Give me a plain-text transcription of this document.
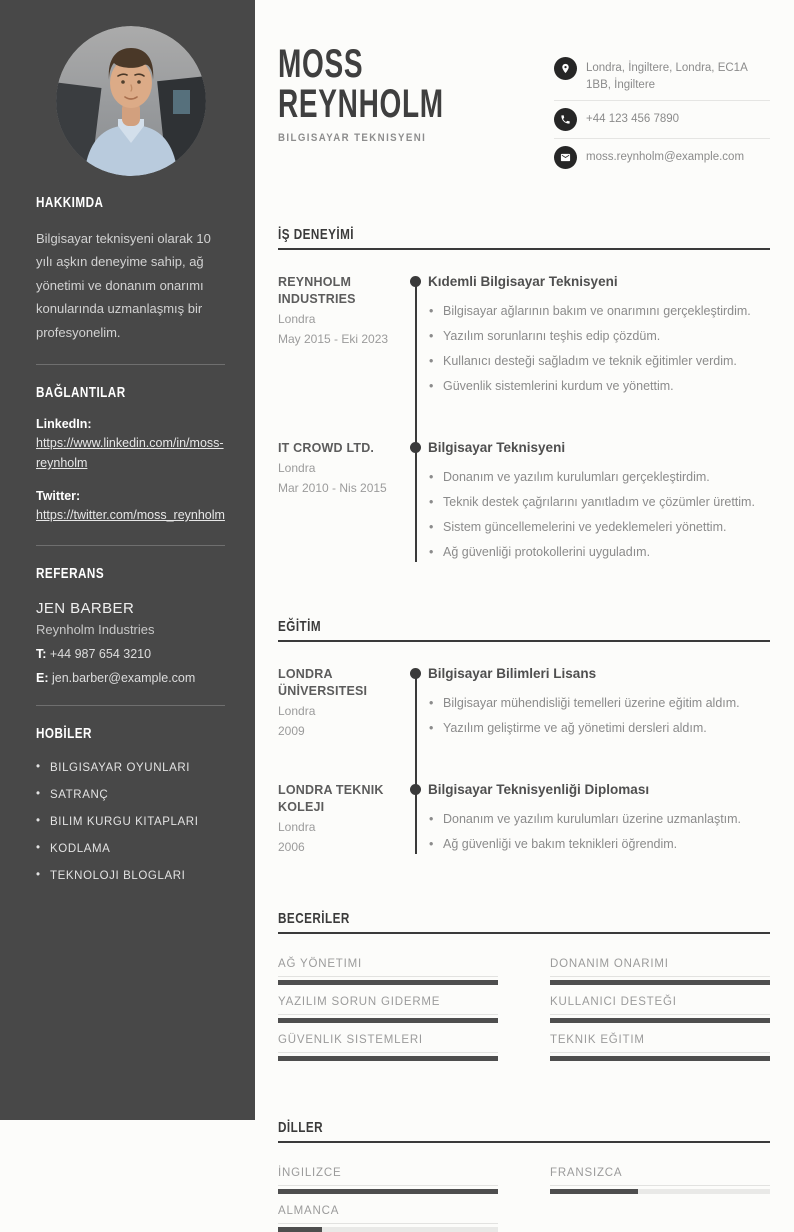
HAKKIMDA

Bilgisayar teknisyeni olarak 10 yılı aşkın deneyime sahip, ağ yönetimi ve donanım onarımı konularında uzmanlaşmış bir profesyonelim.

BAĞLANTILAR
LinkedIn:
https://www.linkedin.com/in/moss-reynholm
Twitter:
https://twitter.com/moss_reynholm
REFERANS
JEN BARBER
Reynholm Industries
T: +44 987 654 3210
E: jen.barber@example.com
HOBİLER
• BILGISAYAR OYUNLARI
• SATRANÇ
• BILIM KURGU KITAPLARI
• KODLAMA
• TEKNOLOJI BLOGLARI
MOSS
REYNHOLM
BILGISAYAR TEKNISYENI
Londra, İngiltere, Londra, EC1A 1BB, İngiltere
+44 123 456 7890
moss.reynholm@example.com
İŞ DENEYİMİ
REYNHOLM INDUSTRIES
Londra
May 2015 - Eki 2023
Kıdemli Bilgisayar Teknisyeni
• Bilgisayar ağlarının bakım ve onarımını gerçekleştirdim.
• Yazılım sorunlarını teşhis edip çözdüm.
• Kullanıcı desteği sağladım ve teknik eğitimler verdim.
• Güvenlik sistemlerini kurdum ve yönettim.
IT CROWD LTD.
Londra
Mar 2010 - Nis 2015
Bilgisayar Teknisyeni
• Donanım ve yazılım kurulumları gerçekleştirdim.
• Teknik destek çağrılarını yanıtladım ve çözümler ürettim.
• Sistem güncellemelerini ve yedeklemeleri yönettim.
• Ağ güvenliği protokollerini uyguladım.
EĞİTİM
LONDRA ÜNİVERSITESI
Londra
2009
Bilgisayar Bilimleri Lisans
• Bilgisayar mühendisliği temelleri üzerine eğitim aldım.
• Yazılım geliştirme ve ağ yönetimi dersleri aldım.
LONDRA TEKNIK KOLEJI
Londra
2006
Bilgisayar Teknisyenliği Diploması
• Donanım ve yazılım kurulumları üzerine uzmanlaştım.
• Ağ güvenliği ve bakım teknikleri öğrendim.
BECERİLER
AĞ YÖNETIMI	DONANIM ONARIMI
YAZILIM SORUN GIDERME	KULLANICI DESTEĞI
GÜVENLIK SISTEMLERI	TEKNIK EĞITIM
DİLLER
İNGILIZCE	FRANSIZCA
ALMANCA
